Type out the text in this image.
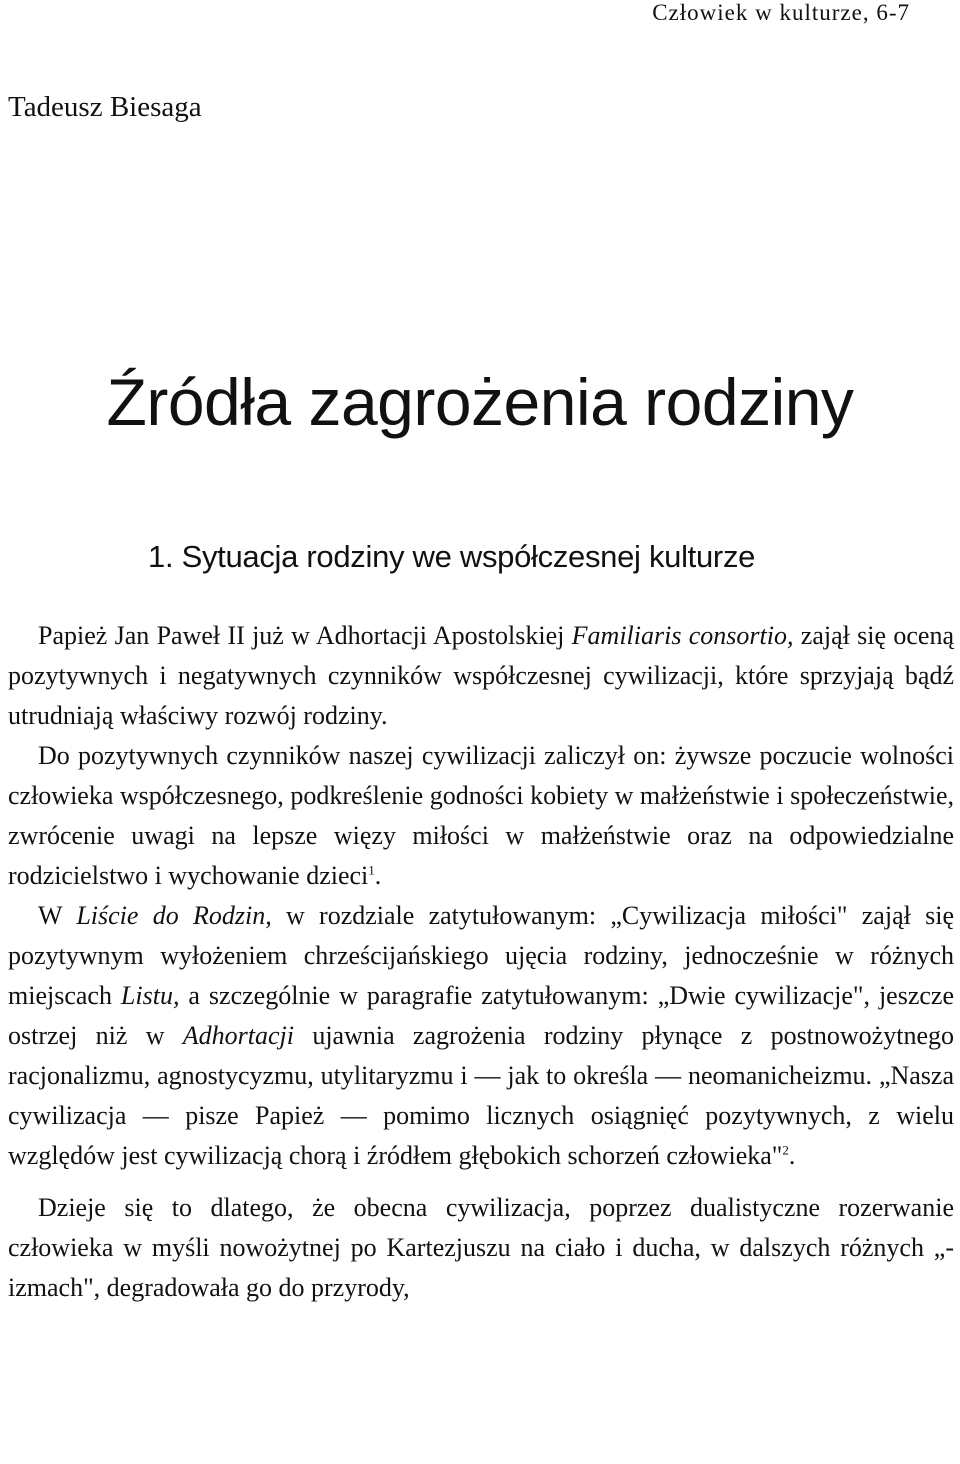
Człowiek w kulturze, 6-7
Tadeusz Biesaga
Źródła zagrożenia rodziny
1. Sytuacja rodziny we współczesnej kulturze

Papież Jan Paweł II już w Adhortacji Apostolskiej Familiaris consortio, zajął się oceną pozytywnych i negatywnych czynników współczesnej cywilizacji, które sprzyjają bądź utrudniają właściwy rozwój rodziny.

Do pozytywnych czynników naszej cywilizacji zaliczył on: żywsze poczucie wolności człowieka współczesnego, podkreślenie godności kobiety w małżeństwie i społeczeństwie, zwrócenie uwagi na lepsze więzy miłości w małżeństwie oraz na odpowiedzialne rodzicielstwo i wychowanie dzieci$^1$.

W Liście do Rodzin, w rozdziale zatytułowanym: „Cywilizacja miłości" zajął się pozytywnym wyłożeniem chrześcijańskiego ujęcia rodziny, jednocześnie w różnych miejscach Listu, a szczególnie w paragrafie zatytułowanym: „Dwie cywilizacje", jeszcze ostrzej niż w Adhortacji ujawnia zagrożenia rodziny płynące z postnowożytnego racjonalizmu, agnostycyzmu, utylitaryzmu i — jak to określa — neomanicheizmu. „Nasza cywilizacja — pisze Papież — pomimo licznych osiągnięć pozytywnych, z wielu względów jest cywilizacją chorą i źródłem głębokich schorzeń człowieka"$^2$.

Dzieje się to dlatego, że obecna cywilizacja, poprzez dualistyczne rozerwanie człowieka w myśli nowożytnej po Kartezjuszu na ciało i ducha, w dalszych różnych „-izmach", degradowała go do przyrody,
